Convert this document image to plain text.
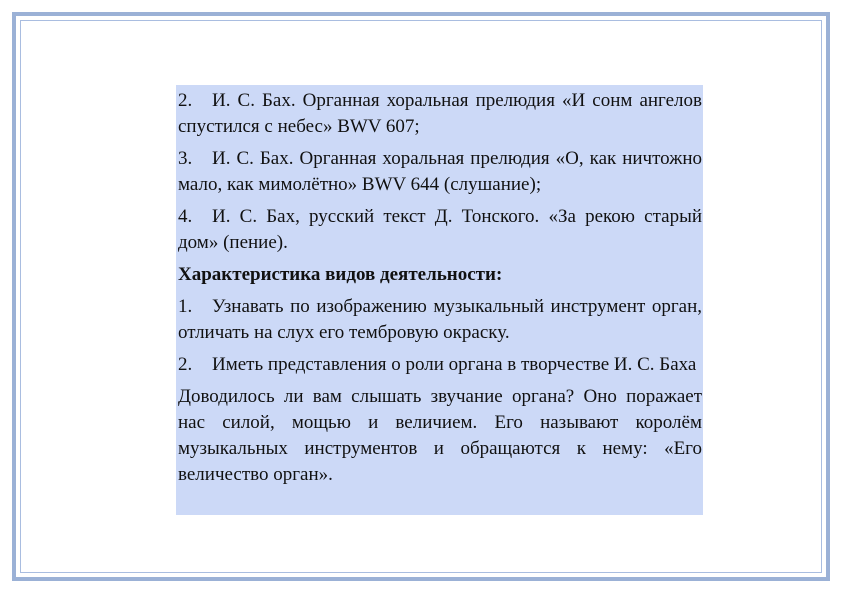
2. И. С. Бах. Органная хоральная прелюдия «И сонм ангелов спустился с небес» BWV 607;

3. И. С. Бах. Органная хоральная прелюдия «О, как ничтожно мало, как мимолётно» BWV 644 (слушание);

4. И. С. Бах, русский текст Д. Тонского. «За рекою старый дом» (пение).

Характеристика видов деятельности:

1. Узнавать по изображению музыкальный инструмент орган, отличать на слух его тембровую окраску.

2. Иметь представления о роли органа в творчестве И. С. Баха

Доводилось ли вам слышать звучание органа? Оно поражает нас силой, мощью и величием. Его называют королём музыкальных инструментов и обращаются к нему: «Его величество орган».
